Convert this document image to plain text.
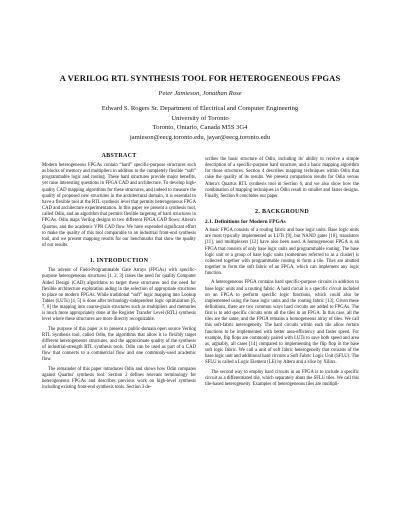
A VERILOG RTL SYNTHESIS TOOL FOR HETEROGENEOUS FPGAS
Peter Jamieson, Jonathan Rose
Edward S. Rogers Sr. Department of Electrical and Computer Engineering
University of Toronto
Toronto, Ontario, Canada M5S 3G4
jamieson@eecg.toronto.edu, jayar@eecg.toronto.edu
ABSTRACT

Modern heterogeneous FPGAs contain “hard” specific-purpose structures such as blocks of memory and multipliers in addition to the completely flexible “soft” programmable logic and routing. These hard structures provide major benefits, yet raise interesting questions in FPGA CAD and architecture. To develop high-quality CAD mapping algorithms for these structures, and indeed to measure the quality of proposed new structures in the architectural domain, it is essential to have a flexible tool at the RTL synthesis level that permits heterogeneous FPGA CAD and architecture experimentation. In this paper we present a synthesis tool, called Odin, and an algorithm that permits flexible targeting of hard structures in FPGAs. Odin maps Verilog designs to two different FPGA CAD flows: Altera's Quartus, and the academic VPR CAD flow. We have expended significant effort to make the quality of this tool comparable to an industrial front-end synthesis tool, and we present mapping results for our benchmarks that show the quality of our results.

1. INTRODUCTION

The advent of Field-Programmable Gate Arrays (FPGAs) with specific-purpose heterogeneous structures [1, 2, 3] raises the need for quality Computer Aided Design (CAD) algorithms to target these structures and the need for flexible architecture exploration aiding in the selection of appropriate structures to place on modern FPGAs. While traditional “soft” logic mapping into Lookup Tables (LUTs) [4, 5] is done after technology-independent logic optimization [6, 7, 8] the mapping into coarse-grain structures such as multipliers and memories is much more appropriately done at the Register Transfer Level (RTL) synthesis level where these structures are more directly recognizable.

The purpose of this paper is to present a public-domain open source Verilog RTL Synthesis tool, called Odin, the algorithms that allow it to flexibly target different heterogeneous structures, and the approximate quality of the synthesis of industrial-strength RTL synthesis tools. Odin can be used as part of a CAD flow that connects to a commercial flow and one commonly-used academic flow.

The remainder of this paper introduces Odin and shows how Odin compares against Quartus' synthesis tool. Section 2 defines relevant terminology for heterogeneous FPGAs and describes previous work on high-level synthesis including existing front-end synthesis tools. Section 3 de-

scribes the basic structure of Odin, including its' ability to receive a simple description of a specific-purpose hard structure, and a basic mapping algorithm for those structures. Section 4 describes mapping techniques within Odin that raise the quality of its results. We present comparison results for Odin versus Altera's Quartus RTL synthesis tool in Section 6, and we also show how the combination of mapping techniques in Odin result in smaller and faster designs. Finally, Section 8 concludes our paper.

2. BACKGROUND
2.1. Definitions for Modern FPGAs

A basic FPGA consists of a routing fabric and base logic units. Base logic units are most typically implemented as LUTs [9], but NAND gates [10], transistors [11], and multiplexers [12] have also been used. A homogeneous FPGA is an FPGA that consists of only base logic units and programmable routing. The base logic unit or a group of base logic units (sometimes referred to as a cluster) is collected together with programmable routing to form a tile. Tiles are abutted together to form the soft fabric of an FPGA, which can implement any logic function.

A heterogeneous FPGA contains hard specific-purpose circuits in addition to base logic units and a routing fabric. A hard circuit is a specific circuit included on an FPGA to perform specific logic functions, which could also be implemented using the base logic units and the routing fabric [13]. Given these definitions, there are two common ways hard circuits are added to FPGAs. The first is to add specific circuits onto all the tiles in an FPGA. In this case, all the tiles are the same, and the FPGA remains a homogeneous array of tiles. We call this soft-fabric heterogeneity. The hard circuits within each tile allow certain functions to be implemented with better area-efficiency and faster speed. For example, flip flops are commonly paired with LUTs to save both speed and area as, arguably, all cases [14] compared to implementing the flip flop in the base soft logic fabric. We call a unit of soft fabric heterogeneity that consists of the base logic unit and additional hard circuits a Soft Fabric Logic Unit (SFLU). The SFLU is called a Logic Element (LE) by Altera and a slice by Xilinx.

The second way to employ hard circuits in an FPGA is to include a specific circuit as a differentiated tile, which separately abuts the SFLU tiles. We call this tile-based heterogeneity. Examples of heterogeneous tiles are multipli-
